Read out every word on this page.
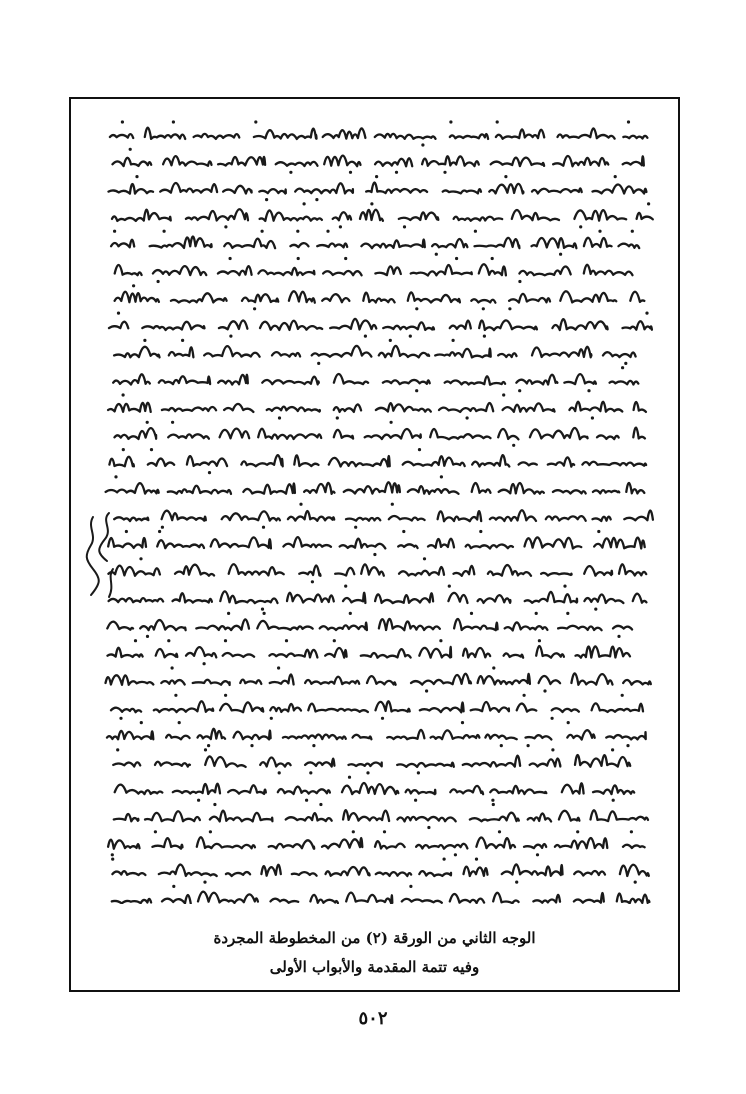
الوجه الثاني من الورقة (٢) من المخطوطة المجردة
وفيه تتمة المقدمة والأبواب الأولى
٥٠٢
